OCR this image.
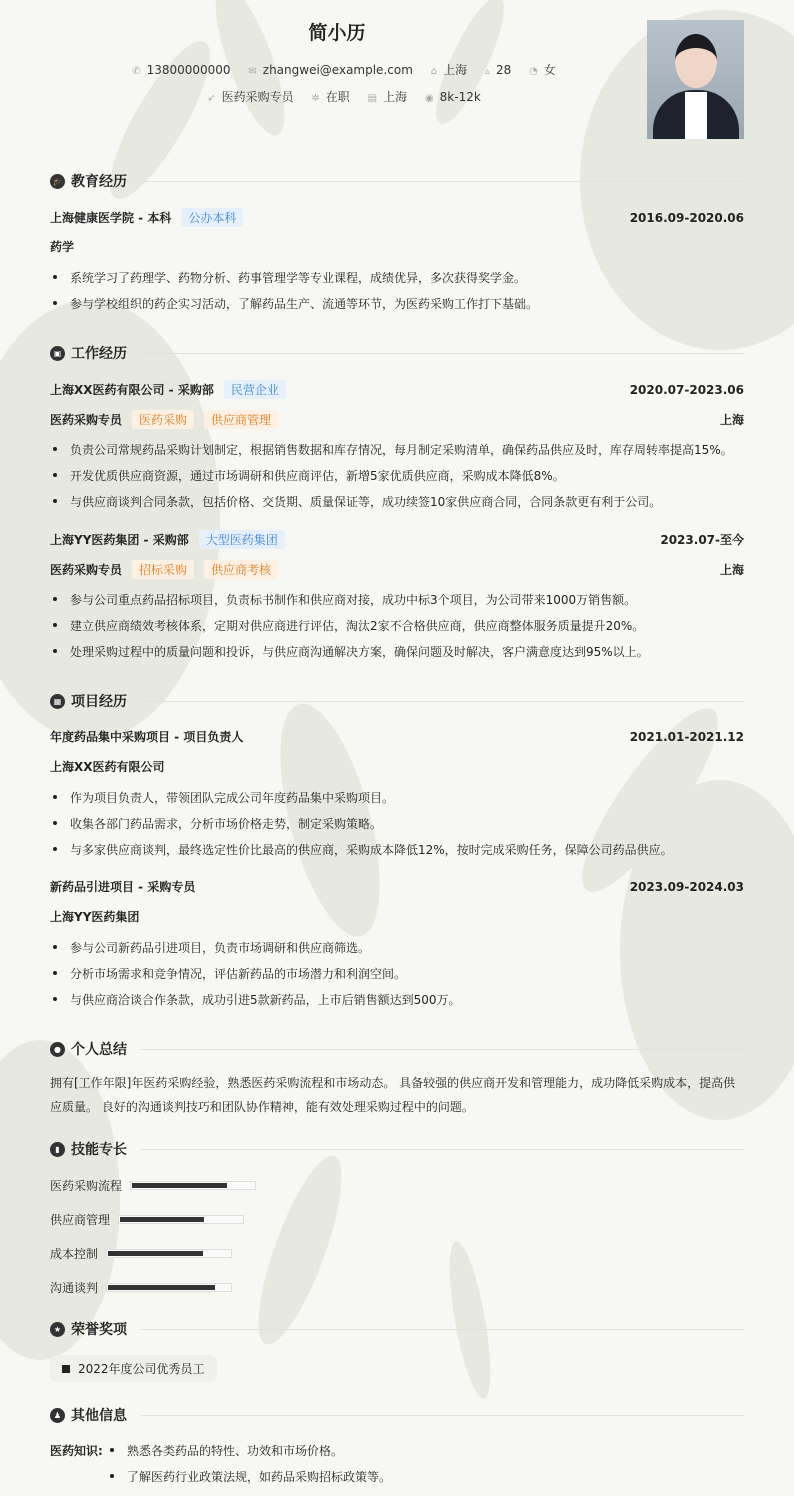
简小历
✆ 13800000000 ✉ zhangwei@example.com ⌂ 上海 ▵ 28 ◔ 女
➶ 医药采购专员 ✲ 在职 ▤ 上海 ◉ 8k-12k
🎓 教育经历
上海健康医学院 - 本科	公办本科	2016.09-2020.06
药学
系统学习了药理学、药物分析、药事管理学等专业课程，成绩优异，多次获得奖学金。
参与学校组织的药企实习活动，了解药品生产、流通等环节，为医药采购工作打下基础。
▣ 工作经历
上海XX医药有限公司 - 采购部	民营企业	2020.07-2023.06
医药采购专员	医药采购	供应商管理	上海
负责公司常规药品采购计划制定，根据销售数据和库存情况，每月制定采购清单，确保药品供应及时，库存周转率提高15%。
开发优质供应商资源，通过市场调研和供应商评估，新增5家优质供应商，采购成本降低8%。
与供应商谈判合同条款，包括价格、交货期、质量保证等，成功续签10家供应商合同，合同条款更有利于公司。
上海YY医药集团 - 采购部	大型医药集团	2023.07-至今
医药采购专员	招标采购	供应商考核	上海
参与公司重点药品招标项目，负责标书制作和供应商对接，成功中标3个项目，为公司带来1000万销售额。
建立供应商绩效考核体系，定期对供应商进行评估，淘汰2家不合格供应商，供应商整体服务质量提升20%。
处理采购过程中的质量问题和投诉，与供应商沟通解决方案，确保问题及时解决，客户满意度达到95%以上。
▦ 项目经历
年度药品集中采购项目 - 项目负责人	2021.01-2021.12
上海XX医药有限公司
作为项目负责人，带领团队完成公司年度药品集中采购项目。
收集各部门药品需求，分析市场价格走势，制定采购策略。
与多家供应商谈判，最终选定性价比最高的供应商，采购成本降低12%，按时完成采购任务，保障公司药品供应。
新药品引进项目 - 采购专员	2023.09-2024.03
上海YY医药集团
参与公司新药品引进项目，负责市场调研和供应商筛选。
分析市场需求和竞争情况，评估新药品的市场潜力和利润空间。
与供应商洽谈合作条款，成功引进5款新药品，上市后销售额达到500万。
● 个人总结
拥有[工作年限]年医药采购经验，熟悉医药采购流程和市场动态。 具备较强的供应商开发和管理能力，成功降低采购成本，提高供应质量。 良好的沟通谈判技巧和团队协作精神，能有效处理采购过程中的问题。
▮ 技能专长
医药采购流程
供应商管理
成本控制
沟通谈判
★ 荣誉奖项
2022年度公司优秀员工
♟ 其他信息
医药知识:	熟悉各类药品的特性、功效和市场价格。
了解医药行业政策法规，如药品采购招标政策等。
